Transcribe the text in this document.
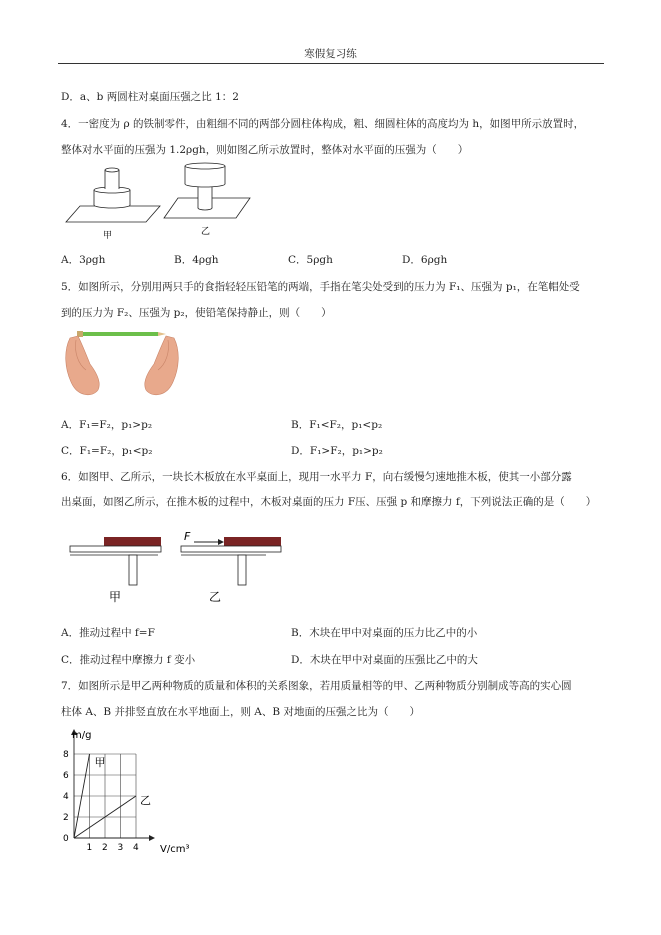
寒假复习练
D．a、b 两圆柱对桌面压强之比 1：2
4．一密度为 ρ 的铁制零件，由粗细不同的两部分圆柱体构成，粗、细圆柱体的高度均为 h，如图甲所示放置时，
整体对水平面的压强为 1.2ρgh，则如图乙所示放置时，整体对水平面的压强为（　　）
甲	乙
A．3ρgh	B．4ρgh	C．5ρgh	D．6ρgh
5．如图所示，分别用两只手的食指轻轻压铅笔的两端，手指在笔尖处受到的压力为 F₁、压强为 p₁，在笔帽处受
到的压力为 F₂、压强为 p₂，使铅笔保持静止，则（　　）
A．F₁=F₂，p₁>p₂	B．F₁<F₂，p₁<p₂
C．F₁=F₂，p₁<p₂	D．F₁>F₂，p₁>p₂
6．如图甲、乙所示，一块长木板放在水平桌面上，现用一水平力 F，向右缓慢匀速地推木板，使其一小部分露
出桌面，如图乙所示，在推木板的过程中，木板对桌面的压力 F压、压强 p 和摩擦力 f，下列说法正确的是（　　）
甲
F
乙
A．推动过程中 f=F	B．木块在甲中对桌面的压力比乙中的小
C．推动过程中摩擦力 f 变小	D．木块在甲中对桌面的压强比乙中的大
7．如图所示是甲乙两种物质的质量和体积的关系图象，若用质量相等的甲、乙两种物质分别制成等高的实心圆
柱体 A、B 并排竖直放在水平地面上，则 A、B 对地面的压强之比为（　　）
1 2 3 4
0
2
4
6
8
甲
乙
m/g
V/cm³
